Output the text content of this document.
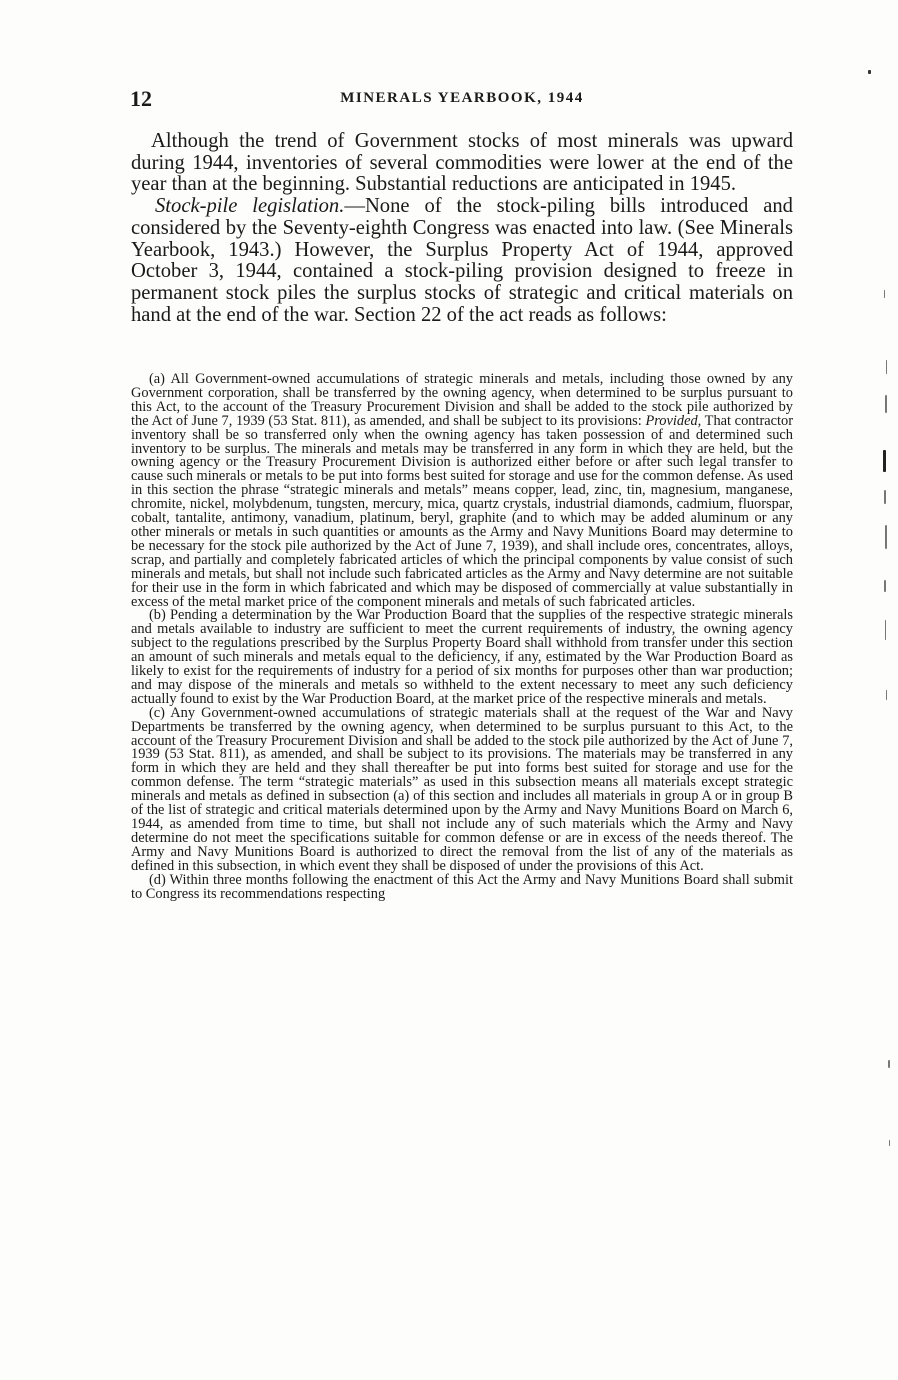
12	MINERALS YEARBOOK, 1944

Although the trend of Government stocks of most minerals was upward during 1944, inventories of several commodities were lower at the end of the year than at the beginning. Substantial reductions are anticipated in 1945.

Stock-pile legislation.—None of the stock-piling bills introduced and considered by the Seventy-eighth Congress was enacted into law. (See Minerals Yearbook, 1943.) However, the Surplus Property Act of 1944, approved October 3, 1944, contained a stock-piling provision designed to freeze in permanent stock piles the surplus stocks of strategic and critical materials on hand at the end of the war. Section 22 of the act reads as follows:

(a) All Government-owned accumulations of strategic minerals and metals, including those owned by any Government corporation, shall be transferred by the owning agency, when determined to be surplus pursuant to this Act, to the account of the Treasury Procurement Division and shall be added to the stock pile authorized by the Act of June 7, 1939 (53 Stat. 811), as amended, and shall be subject to its provisions: Provided, That contractor inventory shall be so transferred only when the owning agency has taken possession of and determined such inventory to be surplus. The minerals and metals may be transferred in any form in which they are held, but the owning agency or the Treasury Procurement Division is authorized either before or after such legal transfer to cause such minerals or metals to be put into forms best suited for storage and use for the common defense. As used in this section the phrase “strategic minerals and metals” means copper, lead, zinc, tin, magnesium, manganese, chromite, nickel, molybdenum, tungsten, mercury, mica, quartz crystals, industrial diamonds, cadmium, fluorspar, cobalt, tantalite, antimony, vanadium, platinum, beryl, graphite (and to which may be added aluminum or any other minerals or metals in such quantities or amounts as the Army and Navy Munitions Board may determine to be necessary for the stock pile authorized by the Act of June 7, 1939), and shall include ores, concentrates, alloys, scrap, and partially and completely fabricated articles of which the principal components by value consist of such minerals and metals, but shall not include such fabricated articles as the Army and Navy determine are not suitable for their use in the form in which fabricated and which may be disposed of commercially at value substantially in excess of the metal market price of the component minerals and metals of such fabricated articles.

(b) Pending a determination by the War Production Board that the supplies of the respective strategic minerals and metals available to industry are sufficient to meet the current requirements of industry, the owning agency subject to the regulations prescribed by the Surplus Property Board shall withhold from transfer under this section an amount of such minerals and metals equal to the deficiency, if any, estimated by the War Production Board as likely to exist for the requirements of industry for a period of six months for purposes other than war production; and may dispose of the minerals and metals so withheld to the extent necessary to meet any such deficiency actually found to exist by the War Production Board, at the market price of the respective minerals and metals.

(c) Any Government-owned accumulations of strategic materials shall at the request of the War and Navy Departments be transferred by the owning agency, when determined to be surplus pursuant to this Act, to the account of the Treasury Procurement Division and shall be added to the stock pile authorized by the Act of June 7, 1939 (53 Stat. 811), as amended, and shall be subject to its provisions. The materials may be transferred in any form in which they are held and they shall thereafter be put into forms best suited for storage and use for the common defense. The term “strategic materials” as used in this subsection means all materials except strategic minerals and metals as defined in subsection (a) of this section and includes all materials in group A or in group B of the list of strategic and critical materials determined upon by the Army and Navy Munitions Board on March 6, 1944, as amended from time to time, but shall not include any of such materials which the Army and Navy determine do not meet the specifications suitable for common defense or are in excess of the needs thereof. The Army and Navy Munitions Board is authorized to direct the removal from the list of any of the materials as defined in this subsection, in which event they shall be disposed of under the provisions of this Act.

(d) Within three months following the enactment of this Act the Army and Navy Munitions Board shall submit to Congress its recommendations respecting
